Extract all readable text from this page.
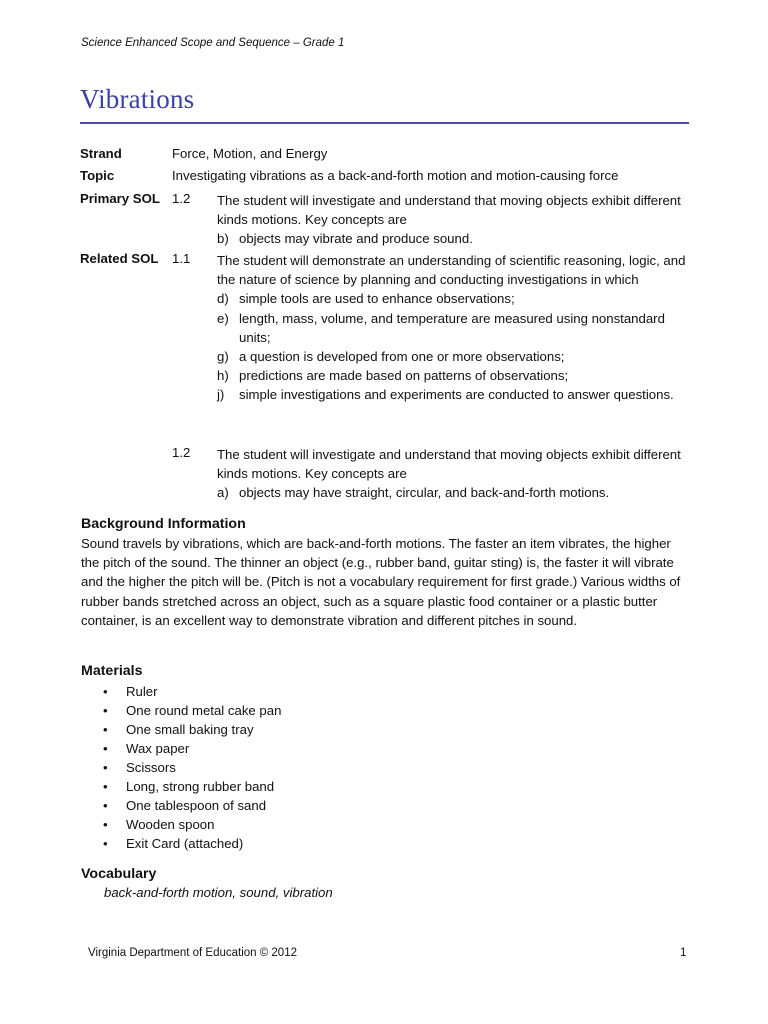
Science Enhanced Scope and Sequence – Grade 1
Vibrations
Strand	Force, Motion, and Energy
Topic	Investigating vibrations as a back-and-forth motion and motion-causing force
Primary SOL 1.2 The student will investigate and understand that moving objects exhibit different kinds motions. Key concepts are
b) objects may vibrate and produce sound.
Related SOL 1.1 The student will demonstrate an understanding of scientific reasoning, logic, and the nature of science by planning and conducting investigations in which
d) simple tools are used to enhance observations;
e) length, mass, volume, and temperature are measured using nonstandard units;
g) a question is developed from one or more observations;
h) predictions are made based on patterns of observations;
j) simple investigations and experiments are conducted to answer questions.
1.2 The student will investigate and understand that moving objects exhibit different kinds motions. Key concepts are
a) objects may have straight, circular, and back-and-forth motions.
Background Information
Sound travels by vibrations, which are back-and-forth motions. The faster an item vibrates, the higher the pitch of the sound. The thinner an object (e.g., rubber band, guitar sting) is, the faster it will vibrate and the higher the pitch will be. (Pitch is not a vocabulary requirement for first grade.) Various widths of rubber bands stretched across an object, such as a square plastic food container or a plastic butter container, is an excellent way to demonstrate vibration and different pitches in sound.
Materials
• Ruler
• One round metal cake pan
• One small baking tray
• Wax paper
• Scissors
• Long, strong rubber band
• One tablespoon of sand
• Wooden spoon
• Exit Card (attached)
Vocabulary
back-and-forth motion, sound, vibration
Virginia Department of Education © 2012	1
